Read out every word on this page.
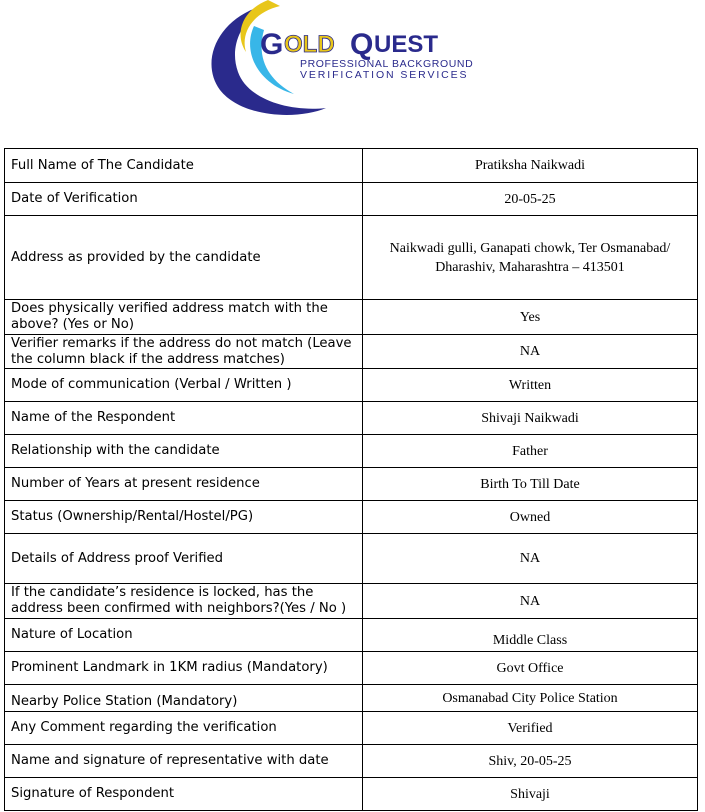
G OLD Q UEST
PROFESSIONAL BACKGROUND
VERIFICATION SERVICES
Full Name of The Candidate	Pratiksha Naikwadi
Date of Verification	20-05-25
Address as provided by the candidate	Naikwadi gulli, Ganapati chowk, Ter Osmanabad/
Dharashiv, Maharashtra – 413501

Does physically verified address match with the above? (Yes or No)	Yes
Verifier remarks if the address do not match (Leave the column black if the address matches)	NA
Mode of communication (Verbal / Written )	Written
Name of the Respondent	Shivaji Naikwadi
Relationship with the candidate	Father
Number of Years at present residence	Birth To Till Date
Status (Ownership/Rental/Hostel/PG)	Owned
Details of Address proof Verified	NA
If the candidate’s residence is locked, has the address been confirmed with neighbors?(Yes / No )	NA
Nature of Location	Middle Class
Prominent Landmark in 1KM radius (Mandatory)	Govt Office
Nearby Police Station (Mandatory)	Osmanabad City Police Station
Any Comment regarding the verification	Verified
Name and signature of representative with date	Shiv, 20-05-25
Signature of Respondent	Shivaji
